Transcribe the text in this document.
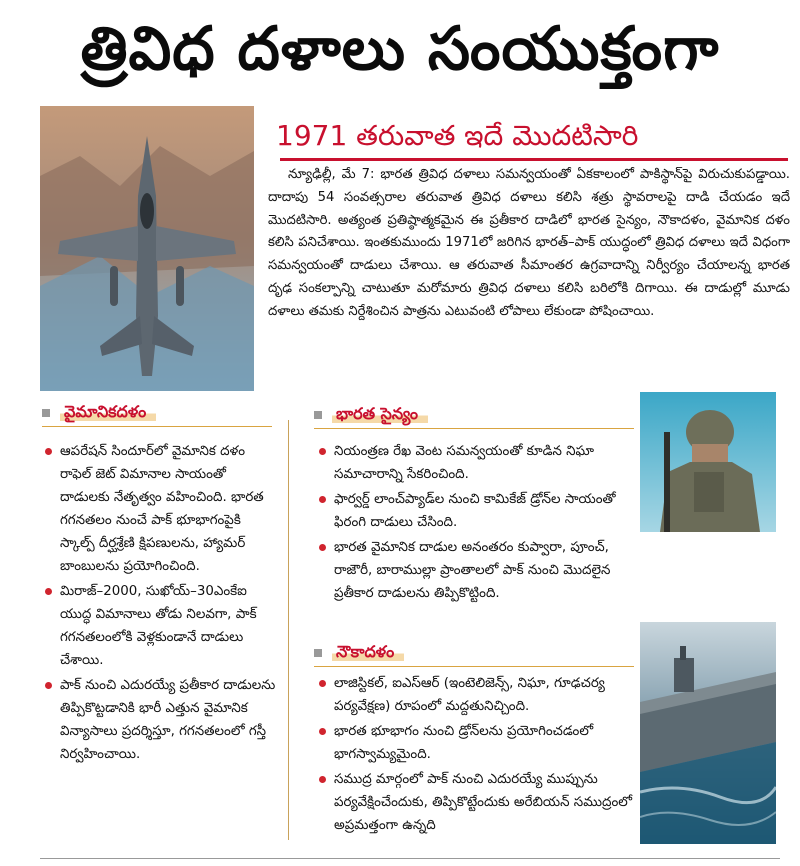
త్రివిధ దళాలు సంయుక్తంగా
1971 తరువాత ఇదే మొదటిసారి

న్యూఢిల్లీ, మే 7: భారత త్రివిధ దళాలు సమన్వయంతో ఏకకాలంలో పాకిస్థాన్‌పై విరుచుకుపడ్డాయి. దాదాపు 54 సంవత్సరాల తరువాత త్రివిధ దళాలు కలిసి శత్రు స్థావరాలపై దాడి చేయడం ఇదే మొదటిసారి. అత్యంత ప్రతిష్ఠాత్మకమైన ఈ ప్రతీకార దాడిలో భారత సైన్యం, నౌకాదళం, వైమానిక దళం కలిసి పనిచేశాయి. ఇంతకుముందు 1971లో జరిగిన భారత్–పాక్ యుద్ధంలో త్రివిధ దళాలు ఇదే విధంగా సమన్వయంతో దాడులు చేశాయి. ఆ తరువాత సీమాంతర ఉగ్రవాదాన్ని నిర్వీర్యం చేయాలన్న భారత దృఢ సంకల్పాన్ని చాటుతూ మరోమారు త్రివిధ దళాలు కలిసి బరిలోకి దిగాయి. ఈ దాడుల్లో మూడు దళాలు తమకు నిర్దేశించిన పాత్రను ఎటువంటి లోపాలు లేకుండా పోషించాయి.

వైమానికదళం
ఆపరేషన్ సిందూర్‌లో వైమానిక దళం రాఫెల్ జెట్ విమానాల సాయంతో దాడులకు నేతృత్వం వహించింది. భారత గగనతలం నుంచే పాక్ భూభాగంపైకి స్కాల్ప్ దీర్ఘశ్రేణి క్షిపణులను, హ్యామర్ బాంబులను ప్రయోగించింది.
మిరాజ్–2000, సుఖోయ్–30ఎంకేఐ యుద్ధ విమానాలు తోడు నిలవగా, పాక్ గగనతలంలోకి వెళ్లకుండానే దాడులు చేశాయి.
పాక్ నుంచి ఎదురయ్యే ప్రతీకార దాడులను తిప్పికొట్టడానికి భారీ ఎత్తున వైమానిక విన్యాసాలు ప్రదర్శిస్తూ, గగనతలంలో గస్తీ నిర్వహించాయి.
భారత సైన్యం
నియంత్రణ రేఖ వెంట సమన్వయంతో కూడిన నిఘా సమాచారాన్ని సేకరించింది.
ఫార్వర్డ్ లాంచ్‌ప్యాడ్‌ల నుంచి కామికేజ్ డ్రోన్‌ల సాయంతో ఫిరంగి దాడులు చేసింది.
భారత వైమానిక దాడుల అనంతరం కుప్వారా, పూంచ్, రాజౌరీ, బారాముల్లా ప్రాంతాలలో పాక్ నుంచి మొదలైన ప్రతీకార దాడులను తిప్పికొట్టింది.
నౌకాదళం
లాజిస్టికల్, ఐఎస్‌ఆర్ (ఇంటెలిజెన్స్, నిఘా, గూఢచర్య పర్యవేక్షణ) రూపంలో మద్దతునిచ్చింది.
భారత భూభాగం నుంచి డ్రోన్‌లను ప్రయోగించడంలో భాగస్వామ్యమైంది.
సముద్ర మార్గంలో పాక్ నుంచి ఎదురయ్యే ముప్పును పర్యవేక్షించేందుకు, తిప్పికొట్టేందుకు అరేబియన్ సముద్రంలో అప్రమత్తంగా ఉన్నది
